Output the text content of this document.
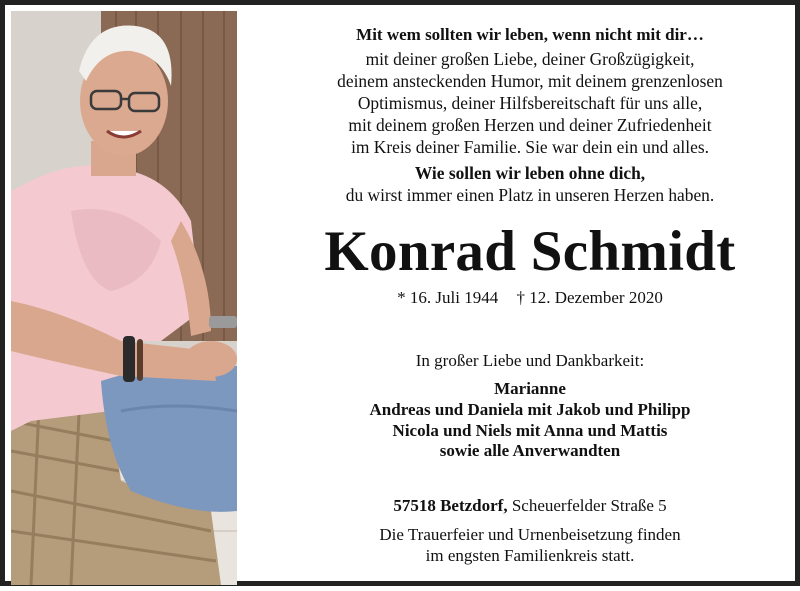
Mit wem sollten wir leben, wenn nicht mit dir…
mit deiner großen Liebe, deiner Großzügigkeit,
deinem ansteckenden Humor, mit deinem grenzenlosen
Optimismus, deiner Hilfsbereitschaft für uns alle,
mit deinem großen Herzen und deiner Zufriedenheit
im Kreis deiner Familie. Sie war dein ein und alles.
Wie sollen wir leben ohne dich,
du wirst immer einen Platz in unseren Herzen haben.
Konrad Schmidt
* 16. Juli 1944 † 12. Dezember 2020
In großer Liebe und Dankbarkeit:
Marianne
Andreas und Daniela mit Jakob und Philipp
Nicola und Niels mit Anna und Mattis
sowie alle Anverwandten
57518 Betzdorf, Scheuerfelder Straße 5
Die Trauerfeier und Urnenbeisetzung finden
im engsten Familienkreis statt.
